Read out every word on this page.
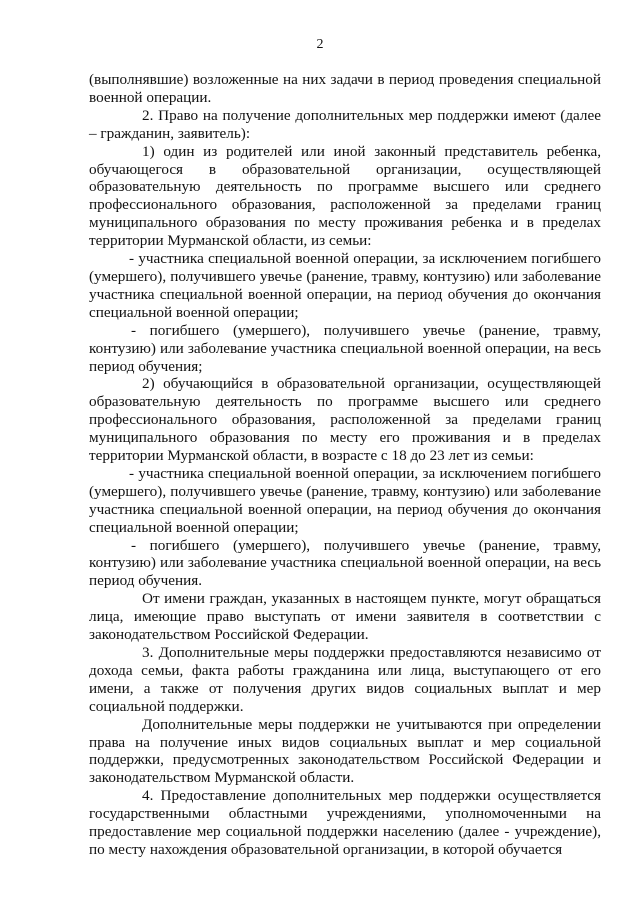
2

(выполнявшие) возложенные на них задачи в период проведения специальной военной операции.

2. Право на получение дополнительных мер поддержки имеют (далее – гражданин, заявитель):

1) один из родителей или иной законный представитель ребенка, обучающегося в образовательной организации, осуществляющей образовательную деятельность по программе высшего или среднего профессионального образования, расположенной за пределами границ муниципального образования по месту проживания ребенка и в пределах территории Мурманской области, из семьи:

- участника специальной военной операции, за исключением погибшего (умершего), получившего увечье (ранение, травму, контузию) или заболевание участника специальной военной операции, на период обучения до окончания специальной военной операции;

- погибшего (умершего), получившего увечье (ранение, травму, контузию) или заболевание участника специальной военной операции, на весь период обучения;

2) обучающийся в образовательной организации, осуществляющей образовательную деятельность по программе высшего или среднего профессионального образования, расположенной за пределами границ муниципального образования по месту его проживания и в пределах территории Мурманской области, в возрасте с 18 до 23 лет из семьи:

- участника специальной военной операции, за исключением погибшего (умершего), получившего увечье (ранение, травму, контузию) или заболевание участника специальной военной операции, на период обучения до окончания специальной военной операции;

- погибшего (умершего), получившего увечье (ранение, травму, контузию) или заболевание участника специальной военной операции, на весь период обучения.

От имени граждан, указанных в настоящем пункте, могут обращаться лица, имеющие право выступать от имени заявителя в соответствии с законодательством Российской Федерации.

3. Дополнительные меры поддержки предоставляются независимо от дохода семьи, факта работы гражданина или лица, выступающего от его имени, а также от получения других видов социальных выплат и мер социальной поддержки.

Дополнительные меры поддержки не учитываются при определении права на получение иных видов социальных выплат и мер социальной поддержки, предусмотренных законодательством Российской Федерации и законодательством Мурманской области.

4. Предоставление дополнительных мер поддержки осуществляется государственными областными учреждениями, уполномоченными на предоставление мер социальной поддержки населению (далее - учреждение), по месту нахождения образовательной организации, в которой обучается
